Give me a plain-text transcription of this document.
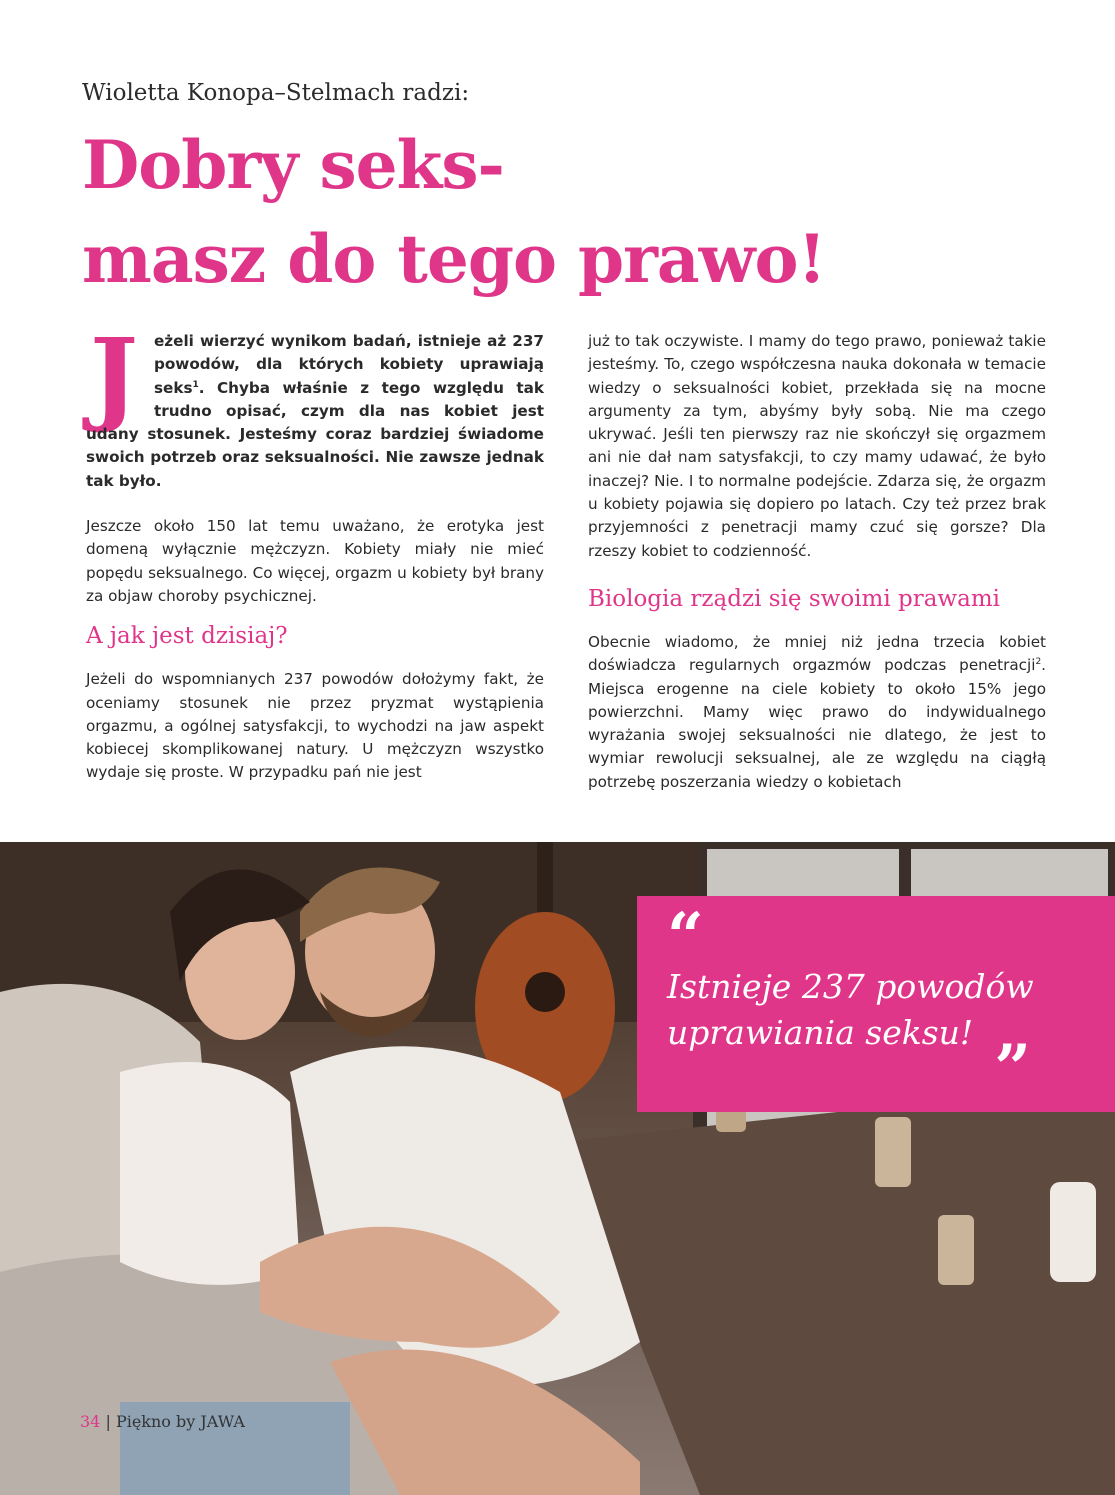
Wioletta Konopa–Stelmach radzi:
Dobry seks-
masz do tego prawo!

J eżeli wierzyć wynikom badań, istnieje aż 237 powodów, dla których kobiety uprawiają seks$^1$. Chyba właśnie z tego względu tak trudno opisać, czym dla nas kobiet jest udany stosunek. Jesteśmy coraz bardziej świadome swoich potrzeb oraz seksualności. Nie zawsze jednak tak było.

Jeszcze około 150 lat temu uważano, że erotyka jest domeną wyłącznie mężczyzn. Kobiety miały nie mieć popędu seksualnego. Co więcej, orgazm u kobiety był brany za objaw choroby psychicznej.

A jak jest dzisiaj?

Jeżeli do wspomnianych 237 powodów dołożymy fakt, że oceniamy stosunek nie przez pryzmat wystąpienia orgazmu, a ogólnej satysfakcji, to wychodzi na jaw aspekt kobiecej skomplikowanej natury. U mężczyzn wszystko wydaje się proste. W przypadku pań nie jest

już to tak oczywiste. I mamy do tego prawo, ponieważ takie jesteśmy. To, czego współczesna nauka dokonała w temacie wiedzy o seksualności kobiet, przekłada się na mocne argumenty za tym, abyśmy były sobą. Nie ma czego ukrywać. Jeśli ten pierwszy raz nie skończył się orgazmem ani nie dał nam satysfakcji, to czy mamy udawać, że było inaczej? Nie. I to normalne podejście. Zdarza się, że orgazm u kobiety pojawia się dopiero po latach. Czy też przez brak przyjemności z penetracji mamy czuć się gorsze? Dla rzeszy kobiet to codzienność.

Biologia rządzi się swoimi prawami

Obecnie wiadomo, że mniej niż jedna trzecia kobiet doświadcza regularnych orgazmów podczas penetracji$^2$. Miejsca erogenne na ciele kobiety to około 15% jego powierzchni. Mamy więc prawo do indywidualnego wyrażania swojej seksualności nie dlatego, że jest to wymiar rewolucji seksualnej, ale ze względu na ciągłą potrzebę poszerzania wiedzy o kobietach

“
Istnieje 237 powodów uprawiania seksu! ”
34 | Piękno by JAWA
